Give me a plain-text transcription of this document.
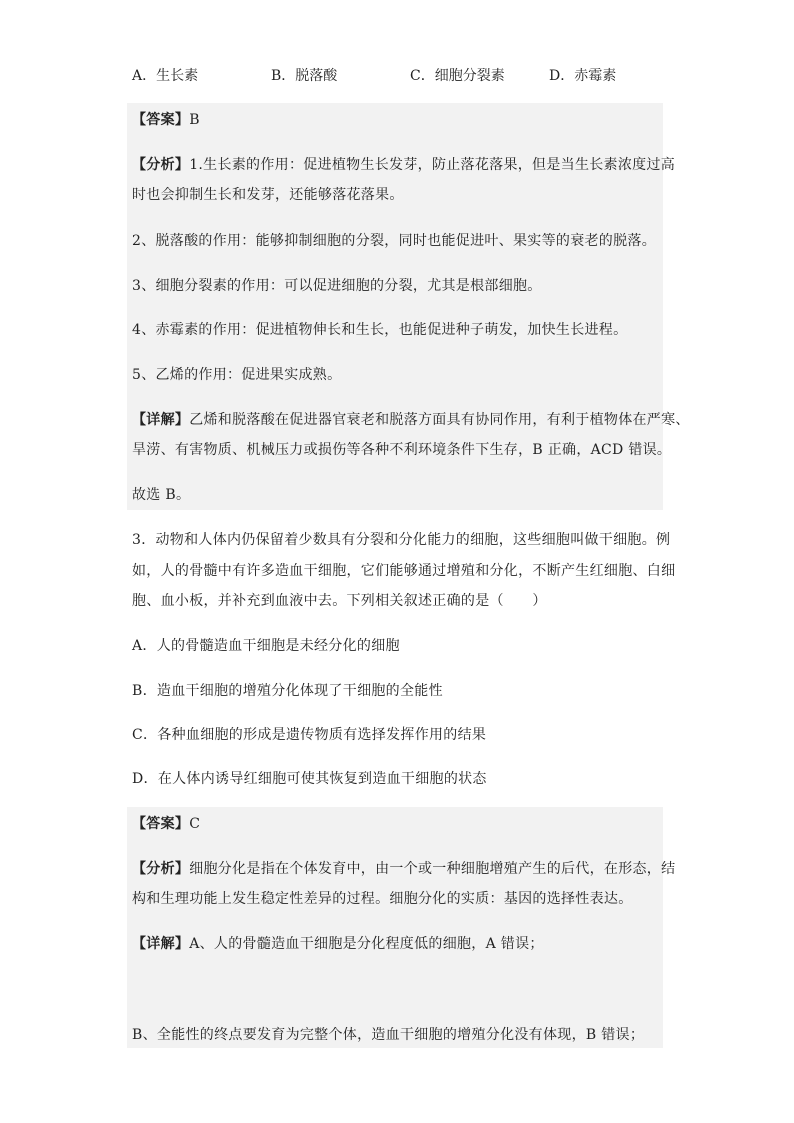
A．生长素	B．脱落酸	C．细胞分裂素	D．赤霉素
【答案】B
【分析】1.生长素的作用：促进植物生长发芽，防止落花落果，但是当生长素浓度过高
时也会抑制生长和发芽，还能够落花落果。
2、脱落酸的作用：能够抑制细胞的分裂，同时也能促进叶、果实等的衰老的脱落。
3、细胞分裂素的作用：可以促进细胞的分裂，尤其是根部细胞。
4、赤霉素的作用：促进植物伸长和生长，也能促进种子萌发，加快生长进程。
5、乙烯的作用：促进果实成熟。
【详解】乙烯和脱落酸在促进器官衰老和脱落方面具有协同作用，有利于植物体在严寒、
旱涝、有害物质、机械压力或损伤等各种不利环境条件下生存，B 正确，ACD 错误。
故选 B。
3．动物和人体内仍保留着少数具有分裂和分化能力的细胞，这些细胞叫做干细胞。例
如，人的骨髓中有许多造血干细胞，它们能够通过增殖和分化，不断产生红细胞、白细
胞、血小板，并补充到血液中去。下列相关叙述正确的是（　　）
A．人的骨髓造血干细胞是未经分化的细胞
B．造血干细胞的增殖分化体现了干细胞的全能性
C．各种血细胞的形成是遗传物质有选择发挥作用的结果
D．在人体内诱导红细胞可使其恢复到造血干细胞的状态
【答案】C
【分析】细胞分化是指在个体发育中，由一个或一种细胞增殖产生的后代，在形态，结
构和生理功能上发生稳定性差异的过程。细胞分化的实质：基因的选择性表达。
【详解】A、人的骨髓造血干细胞是分化程度低的细胞，A 错误；
B、全能性的终点要发育为完整个体，造血干细胞的增殖分化没有体现，B 错误；
